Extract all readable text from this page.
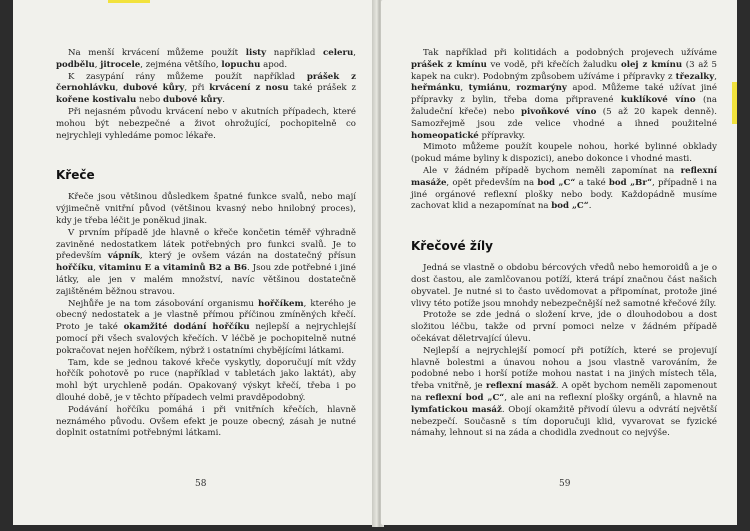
Na menší krvácení můžeme použít listy například celeru, podbělu, jitrocele, zejména většího, lopuchu apod.

K zasypání rány můžeme použít například prášek z černohlávku, dubové kůry, při krvácení z nosu také prášek z kořene kostivalu nebo dubové kůry.

Při nejasném původu krvácení nebo v akutních případech, které mohou být nebezpečné a život ohrožující, pochopitelně co nejrychleji vyhledáme pomoc lékaře.

Křeče

Křeče jsou většinou důsledkem špatné funkce svalů, nebo mají výjimečně vnitřní původ (většinou kvasný nebo hnilobný proces), kdy je třeba léčit je poněkud jinak.

V prvním případě jde hlavně o křeče končetin téměř výhradně zaviněné nedostatkem látek potřebných pro funkci svalů. Je to především vápník, který je ovšem vázán na dostatečný přísun hořčíku, vitaminu E a vitaminů B2 a B6. Jsou zde potřebné i jiné látky, ale jen v malém množství, navíc většinou dostatečně zajištěném běžnou stravou.

Nejhůře je na tom zásobování organismu hořčíkem, kterého je obecný nedostatek a je vlastně přímou příčinou zmíněných křečí. Proto je také okamžité dodání hořčíku nejlepší a nejrychlejší pomocí při všech svalových křečích. V léčbě je pochopitelně nutné pokračovat nejen hořčíkem, nýbrž i ostatními chybějícími látkami.

Tam, kde se jednou takové křeče vyskytly, doporučují mít vždy hořčík pohotově po ruce (například v tabletách jako laktát), aby mohl být urychleně podán. Opakovaný výskyt křečí, třeba i po dlouhé době, je v těchto případech velmi pravděpodobný.

Podávání hořčíku pomáhá i při vnitřních křečích, hlavně neznámého původu. Ovšem efekt je pouze obecný, zásah je nutné doplnit ostatními potřebnými látkami.

58

Tak například při kolitidách a podobných projevech užíváme prášek z kmínu ve vodě, při křečích žaludku olej z kmínu (3 až 5 kapek na cukr). Podobným způsobem užíváme i přípravky z třezalky, heřmánku, tymiánu, rozmarýny apod. Můžeme také užívat jiné přípravky z bylin, třeba doma připravené kuklíkové víno (na žaludeční křeče) nebo pivoňkové víno (5 až 20 kapek denně). Samozřejmě jsou zde velice vhodné a ihned použitelné homeopatické přípravky.

Mimoto můžeme použít koupele nohou, horké bylinné obklady (pokud máme byliny k dispozici), anebo dokonce i vhodné masti.

Ale v žádném případě bychom neměli zapomínat na reflexní masáže, opět především na bod „C“ a také bod „Br“, případně i na jiné orgánové reflexní plošky nebo body. Každopádně musíme zachovat klid a nezapomínat na bod „C“.

Křečové žíly

Jedná se vlastně o obdobu bércových vředů nebo hemoroidů a je o dost častou, ale zamlčovanou potíží, která trápí značnou část našich obyvatel. Je nutné si to často uvědomovat a připomínat, protože jiné vlivy této potíže jsou mnohdy nebezpečnější než samotné křečové žíly.

Protože se zde jedná o složení krve, jde o dlouhodobou a dost složitou léčbu, takže od první pomoci nelze v žádném případě očekávat děletrvající úlevu.

Nejlepší a nejrychlejší pomocí při potížích, které se projevují hlavně bolestmi a únavou nohou a jsou vlastně varováním, že podobné nebo i horší potíže mohou nastat i na jiných místech těla, třeba vnitřně, je reflexní masáž. A opět bychom neměli zapomenout na reflexní bod „C“, ale ani na reflexní plošky orgánů, a hlavně na lymfatickou masáž. Obojí okamžitě přivodí úlevu a odvrátí největší nebezpečí. Současně s tím doporučuji klid, vyvarovat se fyzické námahy, lehnout si na záda a chodidla zvednout co nejvýše.

59
